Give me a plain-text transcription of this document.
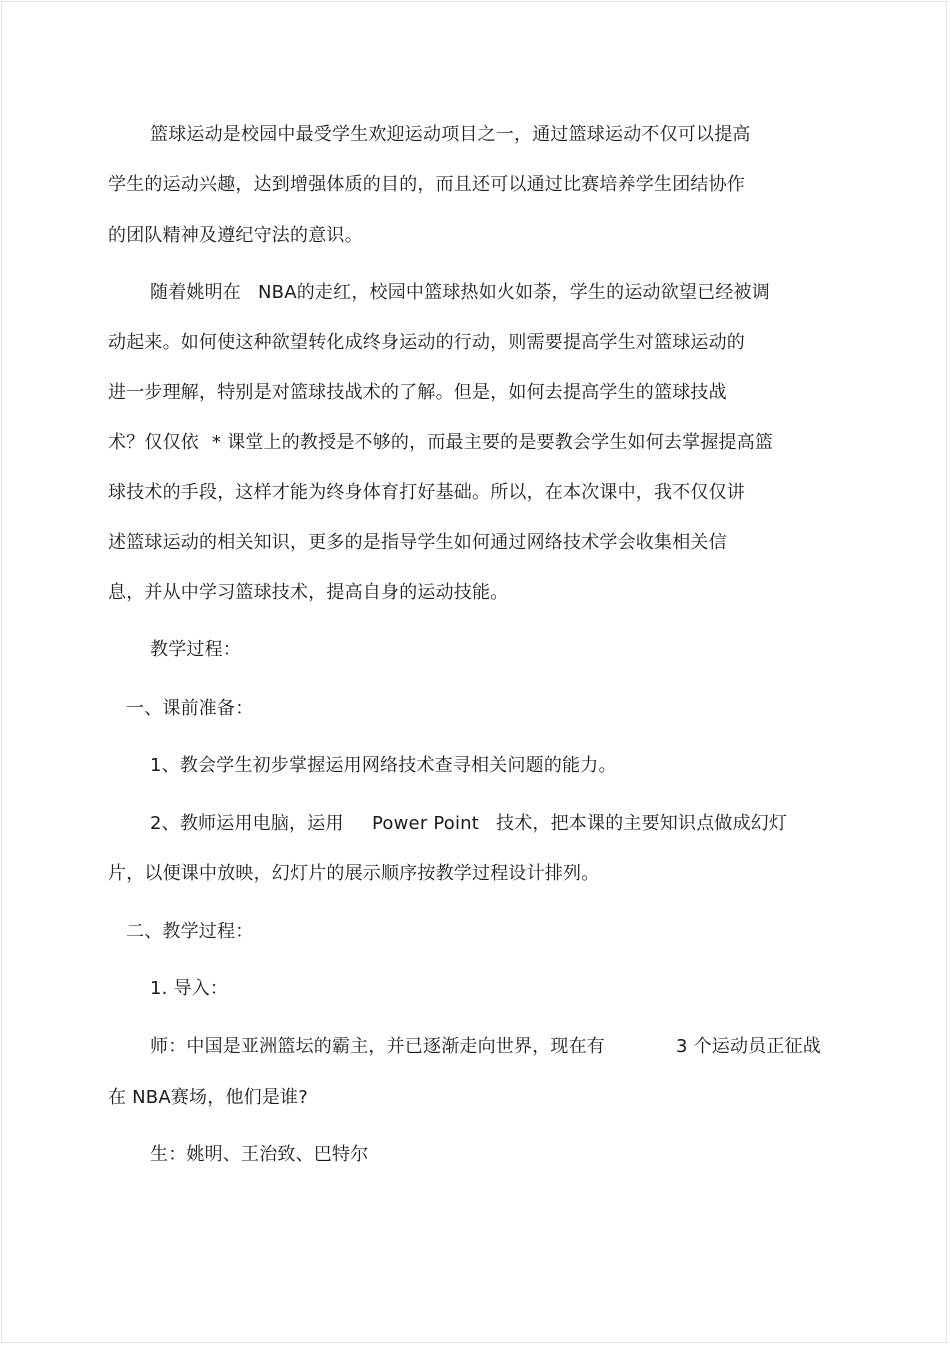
篮球运动是校园中最受学生欢迎运动项目之一，通过篮球运动不仅可以提高

学生的运动兴趣，达到增强体质的目的，而且还可以通过比赛培养学生团结协作

的团队精神及遵纪守法的意识。

随着姚明在

NBA的走红，校园中篮球热如火如荼，学生的运动欲望已经被调

动起来。如何使这种欲望转化成终身运动的行动，则需要提高学生对篮球运动的

进一步理解，特别是对篮球技战术的了解。但是，如何去提高学生的篮球技战

术？仅仅依

* 课堂上的教授是不够的，而最主要的是要教会学生如何去掌握提高篮

球技术的手段，这样才能为终身体育打好基础。所以，在本次课中，我不仅仅讲

述篮球运动的相关知识，更多的是指导学生如何通过网络技术学会收集相关信

息，并从中学习篮球技术，提高自身的运动技能。

教学过程：

一、课前准备：

1、教会学生初步掌握运用网络技术查寻相关问题的能力。

2、教师运用电脑，运用

Power Point

技术，把本课的主要知识点做成幻灯

片，以便课中放映，幻灯片的展示顺序按教学过程设计排列。

二、教学过程：

1. 导入：

师：中国是亚洲篮坛的霸主，并已逐渐走向世界，现在有

	3 个运动员正征战

在 NBA赛场，他们是谁?

生：姚明、王治致、巴特尔
